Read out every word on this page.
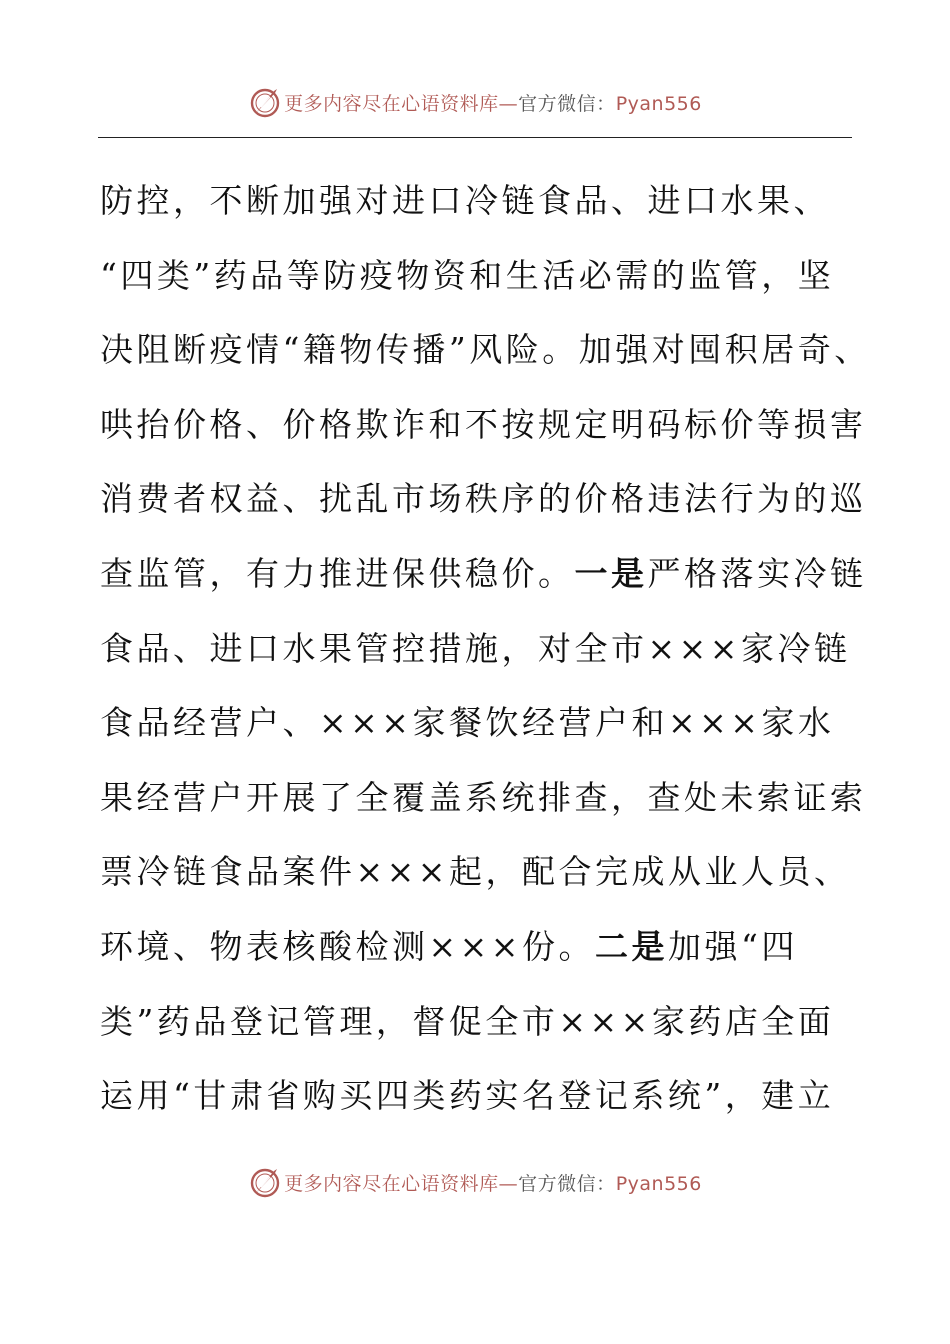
更多内容尽在心语资料库—官方微信：Pyan556
防控，不断加强对进口冷链食品、进口水果、
“四类”药品等防疫物资和生活必需的监管，坚
决阻断疫情“籍物传播”风险。加强对囤积居奇、
哄抬价格、价格欺诈和不按规定明码标价等损害
消费者权益、扰乱市场秩序的价格违法行为的巡
查监管，有力推进保供稳价。一是严格落实冷链
食品、进口水果管控措施，对全市×××家冷链
食品经营户、×××家餐饮经营户和×××家水
果经营户开展了全覆盖系统排查，查处未索证索
票冷链食品案件×××起，配合完成从业人员、
环境、物表核酸检测×××份。二是加强“四
类”药品登记管理，督促全市×××家药店全面
运用“甘肃省购买四类药实名登记系统”，建立
更多内容尽在心语资料库—官方微信：Pyan556
